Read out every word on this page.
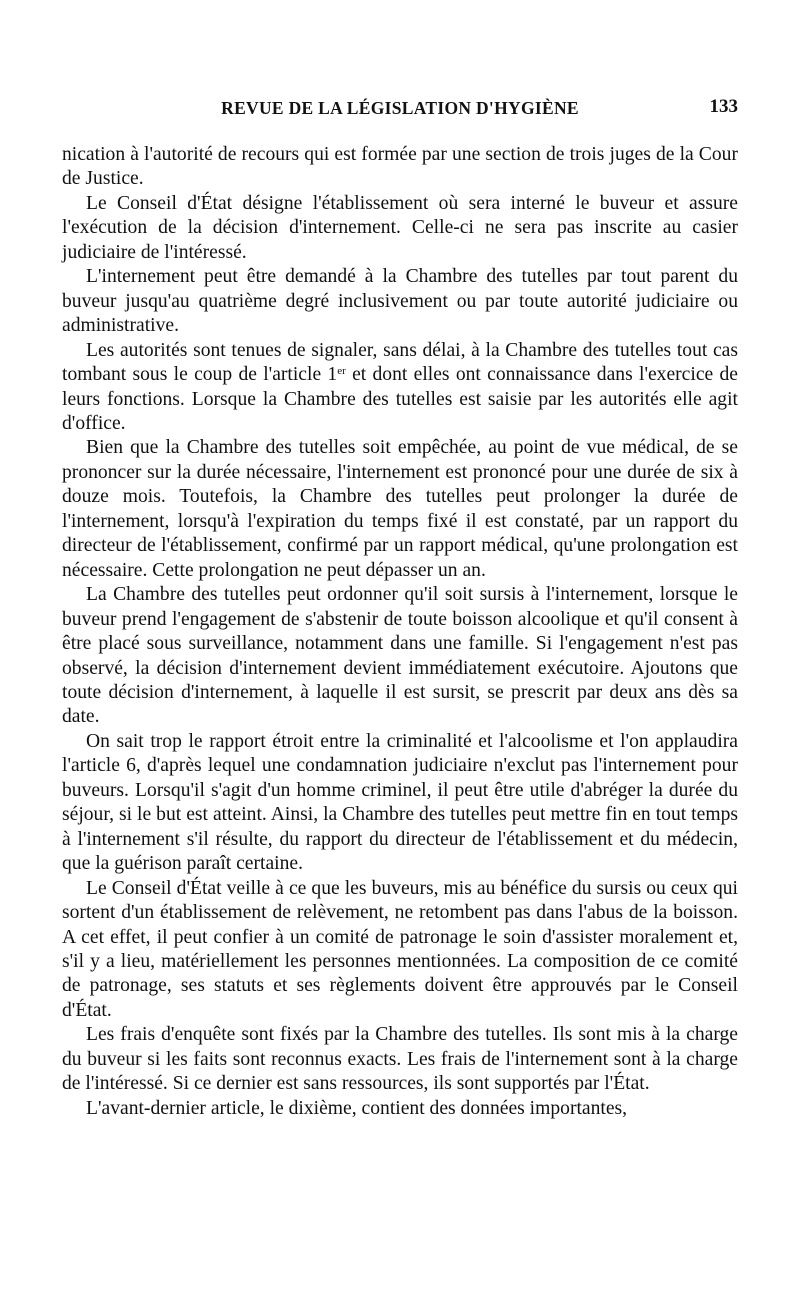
REVUE DE LA LÉGISLATION D'HYGIÈNE	133

nication à l'autorité de recours qui est formée par une section de trois juges de la Cour de Justice.

Le Conseil d'État désigne l'établissement où sera interné le buveur et assure l'exécution de la décision d'internement. Celle-ci ne sera pas inscrite au casier judiciaire de l'intéressé.

L'internement peut être demandé à la Chambre des tutelles par tout parent du buveur jusqu'au quatrième degré inclusivement ou par toute autorité judiciaire ou administrative.

Les autorités sont tenues de signaler, sans délai, à la Chambre des tutelles tout cas tombant sous le coup de l'article 1er et dont elles ont connaissance dans l'exercice de leurs fonctions. Lorsque la Chambre des tutelles est saisie par les autorités elle agit d'office.

Bien que la Chambre des tutelles soit empêchée, au point de vue médical, de se prononcer sur la durée nécessaire, l'internement est prononcé pour une durée de six à douze mois. Toutefois, la Chambre des tutelles peut prolonger la durée de l'internement, lorsqu'à l'expiration du temps fixé il est constaté, par un rapport du directeur de l'établissement, confirmé par un rapport médical, qu'une prolongation est nécessaire. Cette prolongation ne peut dépasser un an.

La Chambre des tutelles peut ordonner qu'il soit sursis à l'internement, lorsque le buveur prend l'engagement de s'abstenir de toute boisson alcoolique et qu'il consent à être placé sous surveillance, notamment dans une famille. Si l'engagement n'est pas observé, la décision d'internement devient immédiatement exécutoire. Ajoutons que toute décision d'internement, à laquelle il est sursit, se prescrit par deux ans dès sa date.

On sait trop le rapport étroit entre la criminalité et l'alcoolisme et l'on applaudira l'article 6, d'après lequel une condamnation judiciaire n'exclut pas l'internement pour buveurs. Lorsqu'il s'agit d'un homme criminel, il peut être utile d'abréger la durée du séjour, si le but est atteint. Ainsi, la Chambre des tutelles peut mettre fin en tout temps à l'internement s'il résulte, du rapport du directeur de l'établissement et du médecin, que la guérison paraît certaine.

Le Conseil d'État veille à ce que les buveurs, mis au bénéfice du sursis ou ceux qui sortent d'un établissement de relèvement, ne retombent pas dans l'abus de la boisson. A cet effet, il peut confier à un comité de patronage le soin d'assister moralement et, s'il y a lieu, matériellement les personnes mentionnées. La composition de ce comité de patronage, ses statuts et ses règlements doivent être approuvés par le Conseil d'État.

Les frais d'enquête sont fixés par la Chambre des tutelles. Ils sont mis à la charge du buveur si les faits sont reconnus exacts. Les frais de l'internement sont à la charge de l'intéressé. Si ce dernier est sans ressources, ils sont supportés par l'État.

L'avant-dernier article, le dixième, contient des données importantes,
